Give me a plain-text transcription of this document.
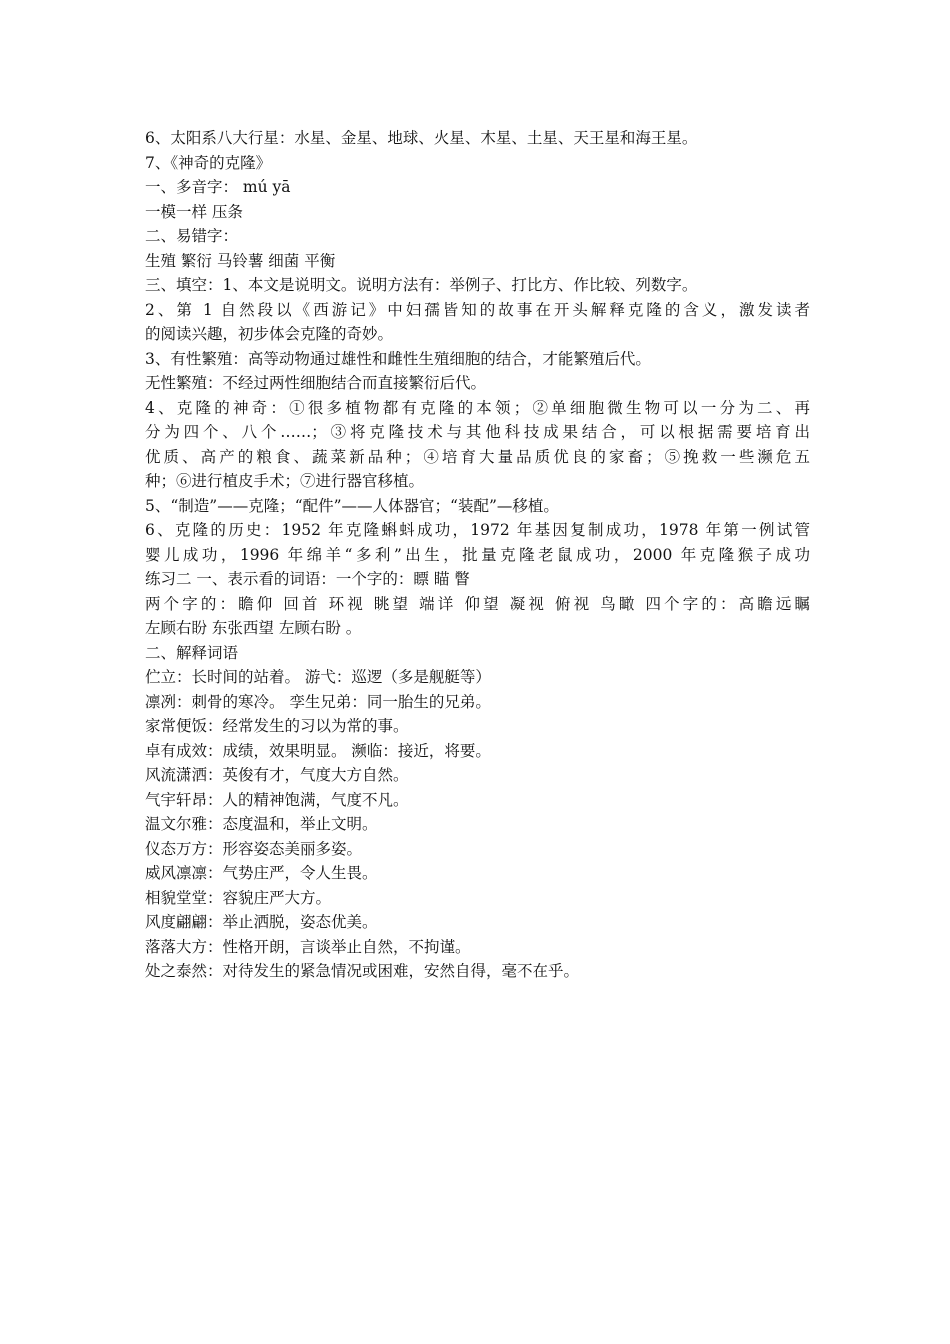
6、太阳系八大行星：水星、金星、地球、火星、木星、土星、天王星和海王星。
7、《神奇的克隆》
一、多音字： mú yā
一模一样 压条
二、易错字：
生殖 繁衍 马铃薯 细菌 平衡
三、填空：1、本文是说明文。说明方法有：举例子、打比方、作比较、列数字。
2、第 1 自然段以《西游记》中妇孺皆知的故事在开头解释克隆的含义，激发读者
的阅读兴趣，初步体会克隆的奇妙。
3、有性繁殖：高等动物通过雄性和雌性生殖细胞的结合，才能繁殖后代。
无性繁殖：不经过两性细胞结合而直接繁衍后代。
4、克隆的神奇：①很多植物都有克隆的本领；②单细胞微生物可以一分为二、再
分为四个、八个……；③将克隆技术与其他科技成果结合，可以根据需要培育出
优质、高产的粮食、蔬菜新品种；④培育大量品质优良的家畜；⑤挽救一些濒危五
种；⑥进行植皮手术；⑦进行器官移植。
5、“制造”——克隆；“配件”——人体器官；“装配”—移植。
6、克隆的历史：1952 年克隆蝌蚪成功，1972 年基因复制成功，1978 年第一例试管
婴儿成功，1996 年绵羊“多利”出生，批量克隆老鼠成功，2000 年克隆猴子成功
练习二 一、表示看的词语：一个字的：瞟 瞄 瞥
两个字的：瞻仰 回首 环视 眺望 端详 仰望 凝视 俯视 鸟瞰 四个字的：高瞻远瞩
左顾右盼 东张西望 左顾右盼 。
二、解释词语
伫立：长时间的站着。 游弋：巡逻（多是舰艇等）
凛冽：刺骨的寒冷。 孪生兄弟：同一胎生的兄弟。
家常便饭：经常发生的习以为常的事。
卓有成效：成绩，效果明显。 濒临：接近，将要。
风流潇洒：英俊有才，气度大方自然。
气宇轩昂：人的精神饱满，气度不凡。
温文尔雅：态度温和，举止文明。
仪态万方：形容姿态美丽多姿。
威风凛凛：气势庄严，令人生畏。
相貌堂堂：容貌庄严大方。
风度翩翩：举止洒脱，姿态优美。
落落大方：性格开朗，言谈举止自然，不拘谨。
处之泰然：对待发生的紧急情况或困难，安然自得，毫不在乎。
